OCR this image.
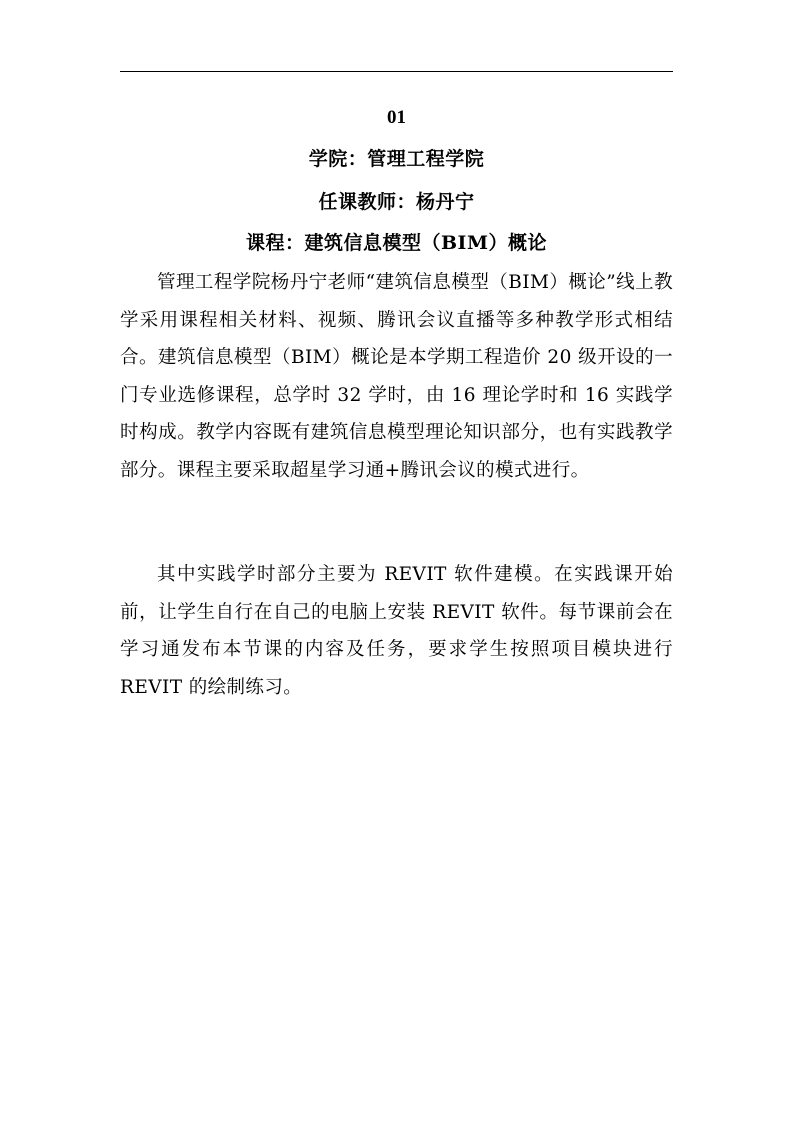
01
学院：管理工程学院
任课教师：杨丹宁
课程：建筑信息模型（BIM）概论

管理工程学院杨丹宁老师“建筑信息模型（BIM）概论”线上教学采用课程相关材料、视频、腾讯会议直播等多种教学形式相结合。建筑信息模型（BIM）概论是本学期工程造价 20 级开设的一门专业选修课程，总学时 32 学时，由 16 理论学时和 16 实践学时构成。教学内容既有建筑信息模型理论知识部分，也有实践教学部分。课程主要采取超星学习通+腾讯会议的模式进行。

其中实践学时部分主要为 REVIT 软件建模。在实践课开始前，让学生自行在自己的电脑上安装 REVIT 软件。每节课前会在学习通发布本节课的内容及任务，要求学生按照项目模块进行 REVIT 的绘制练习。
